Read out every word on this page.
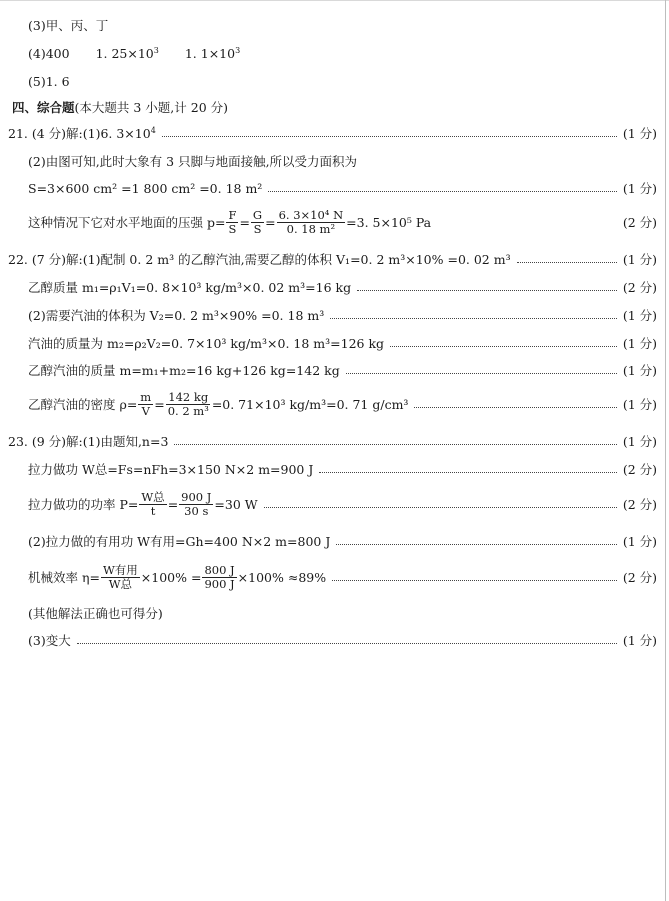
(3)甲、丙、丁
(4)400 1. $25\times 10^3$ 1. $1\times 10^3$
(5)1. 6
四、综合题 (本大题共 3 小题,计 20 分)
21. (4 分)解:(1)6. $3\times 10^4$	(1 分)
(2)由图可知,此时大象有 3 只脚与地面接触,所以受力面积为
S=3×600 cm² =1 800 cm² =0. 18 m²	(1 分)
这种情况下它对水平地面的压强 $p= \frac{F}{S} = \frac{G}{S} = \frac{\text{6. 3×10⁴ N}}{\text{0. 18 m²}} =3$. 5×10⁵ Pa	(2 分)
22. (7 分)解:(1)配制 0. 2 m³ 的乙醇汽油,需要乙醇的体积 V₁=0. 2 m³×10% =0. 02 m³	(1 分)
乙醇质量 m₁=ρ₁V₁=0. 8×10³ kg/m³×0. 02 m³=16 kg	(2 分)
(2)需要汽油的体积为 V₂=0. 2 m³×90% =0. 18 m³	(1 分)
汽油的质量为 m₂=ρ₂V₂=0. 7×10³ kg/m³×0. 18 m³=126 kg	(1 分)
乙醇汽油的质量 m=m₁+m₂=16 kg+126 kg=142 kg	(1 分)
乙醇汽油的密度 $\rho= \frac{m}{V} = \frac{142 kg}{\text{0. 2 m³}} =0$. 71×10³ kg/m³=0. 71 g/cm³	(1 分)
23. (9 分)解:(1)由题知,n=3	(1 分)
拉力做功 W总=Fs=nFh=3×150 N×2 m=900 J	(2 分)
拉力做功的功率 $P= \frac{\text{W总}}{t} = \frac{900 J}{30 s} =30$ W	(2 分)
(2)拉力做的有用功 W有用=Gh=400 N×2 m=800 J	(1 分)
机械效率 $\eta= \frac{\text{W有用}}{\text{W总}} \times 100\% = \frac{800 J}{900 J} \times 100\% \approx 89\%$	(2 分)
(其他解法正确也可得分)
(3)变大	(1 分)
